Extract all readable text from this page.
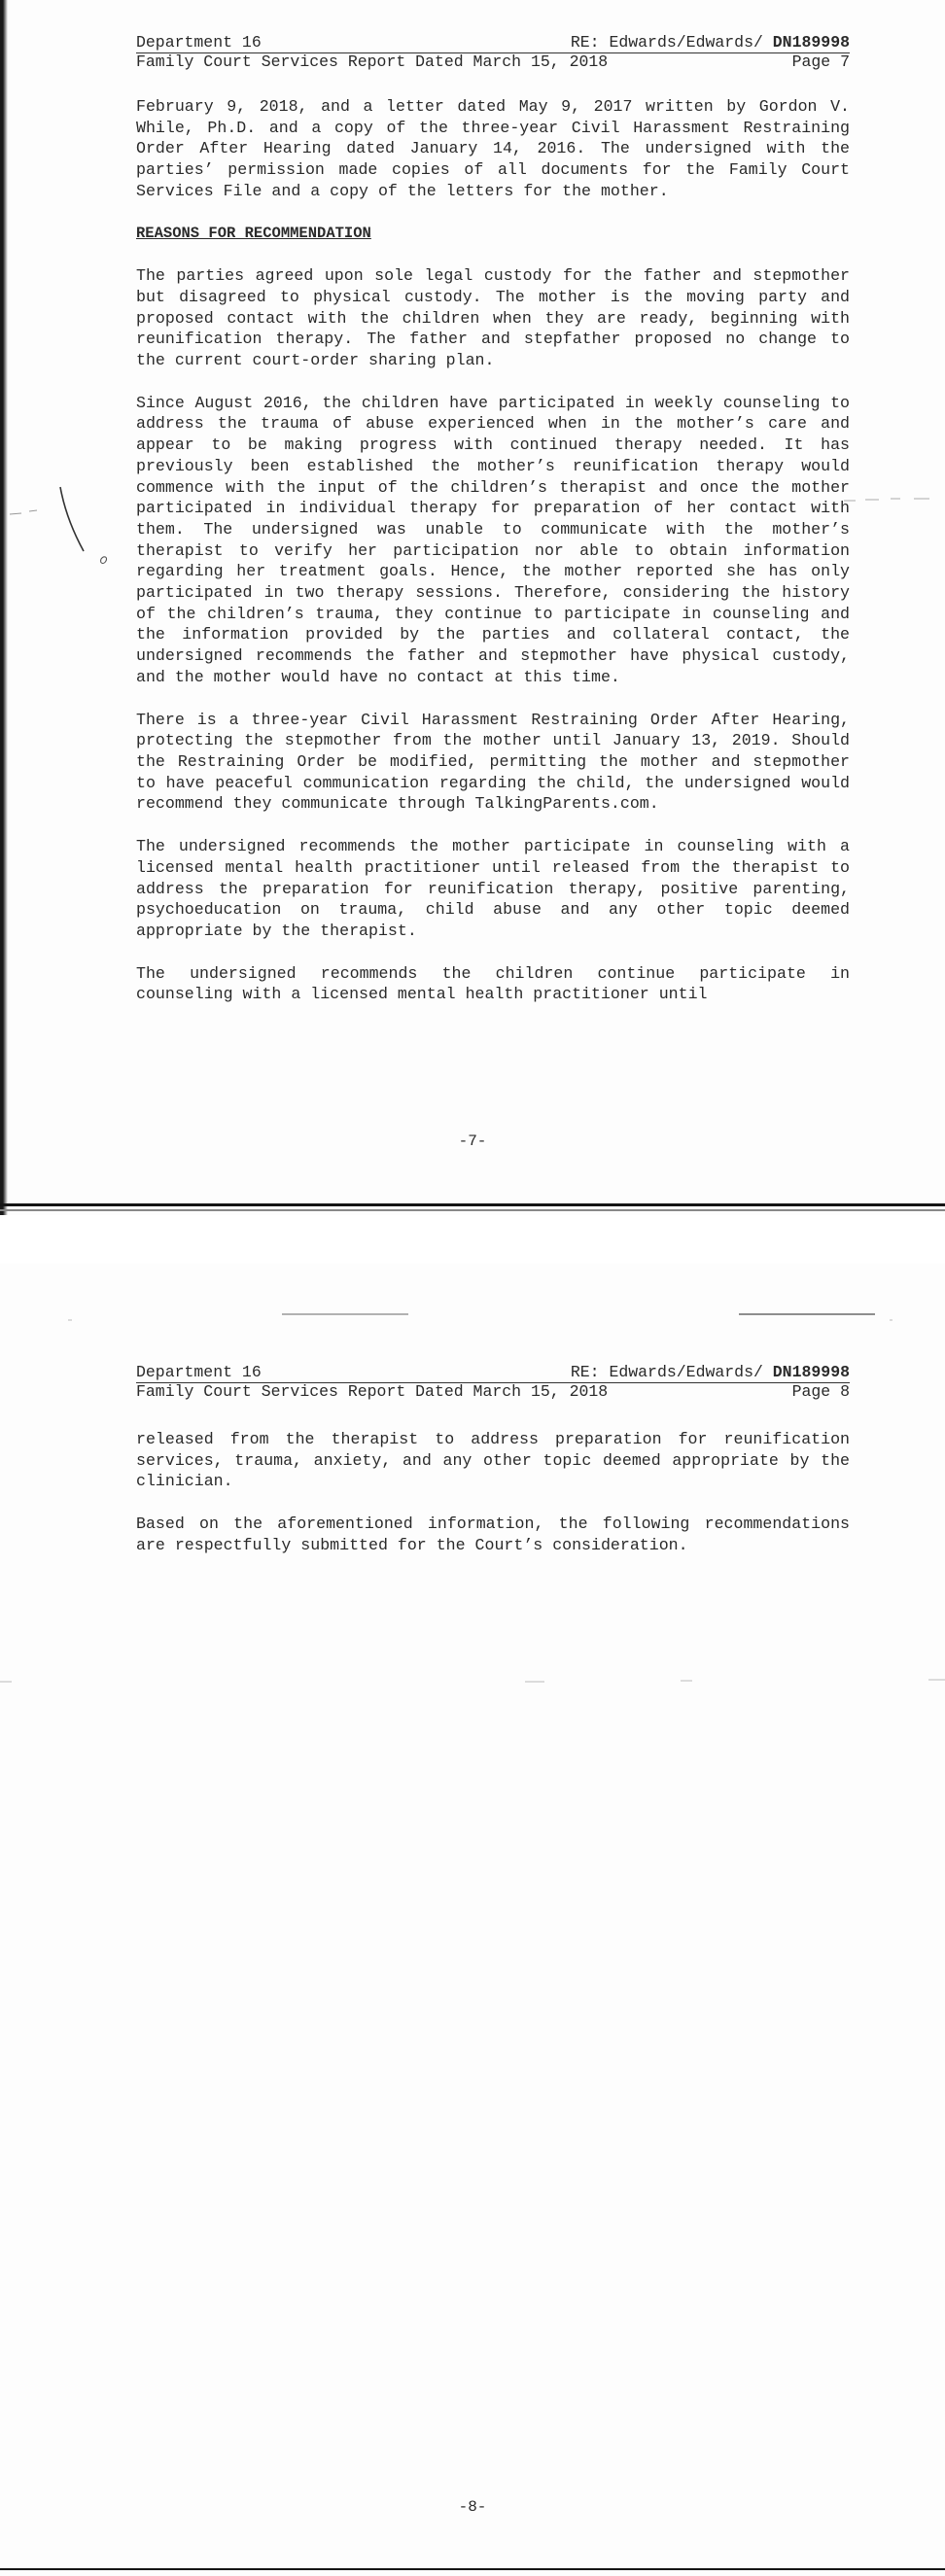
Department 16	RE: Edwards/Edwards/ DN189998
Family Court Services Report Dated March 15, 2018	Page 7

February 9, 2018, and a letter dated May 9, 2017 written by Gordon V. While, Ph.D. and a copy of the three-year Civil Harassment Restraining Order After Hearing dated January 14, 2016. The undersigned with the parties’ permission made copies of all documents for the Family Court Services File and a copy of the letters for the mother.

REASONS FOR RECOMMENDATION

The parties agreed upon sole legal custody for the father and stepmother but disagreed to physical custody. The mother is the moving party and proposed contact with the children when they are ready, beginning with reunification therapy. The father and stepfather proposed no change to the current court-order sharing plan.

Since August 2016, the children have participated in weekly counseling to address the trauma of abuse experienced when in the mother’s care and appear to be making progress with continued therapy needed. It has previously been established the mother’s reunification therapy would commence with the input of the children’s therapist and once the mother participated in individual therapy for preparation of her contact with them. The undersigned was unable to communicate with the mother’s therapist to verify her participation nor able to obtain information regarding her treatment goals. Hence, the mother reported she has only participated in two therapy sessions. Therefore, considering the history of the children’s trauma, they continue to participate in counseling and the information provided by the parties and collateral contact, the undersigned recommends the father and stepmother have physical custody, and the mother would have no contact at this time.

There is a three-year Civil Harassment Restraining Order After Hearing, protecting the stepmother from the mother until January 13, 2019. Should the Restraining Order be modified, permitting the mother and stepmother to have peaceful communication regarding the child, the undersigned would recommend they communicate through TalkingParents.com.

The undersigned recommends the mother participate in counseling with a licensed mental health practitioner until released from the therapist to address the preparation for reunification therapy, positive parenting, psychoeducation on trauma, child abuse and any other topic deemed appropriate by the therapist.

The undersigned recommends the children continue participate in counseling with a licensed mental health practitioner until

-7-
Department 16	RE: Edwards/Edwards/ DN189998
Family Court Services Report Dated March 15, 2018	Page 8

released from the therapist to address preparation for reunification services, trauma, anxiety, and any other topic deemed appropriate by the clinician.

Based on the aforementioned information, the following recommendations are respectfully submitted for the Court’s consideration.

-8-
